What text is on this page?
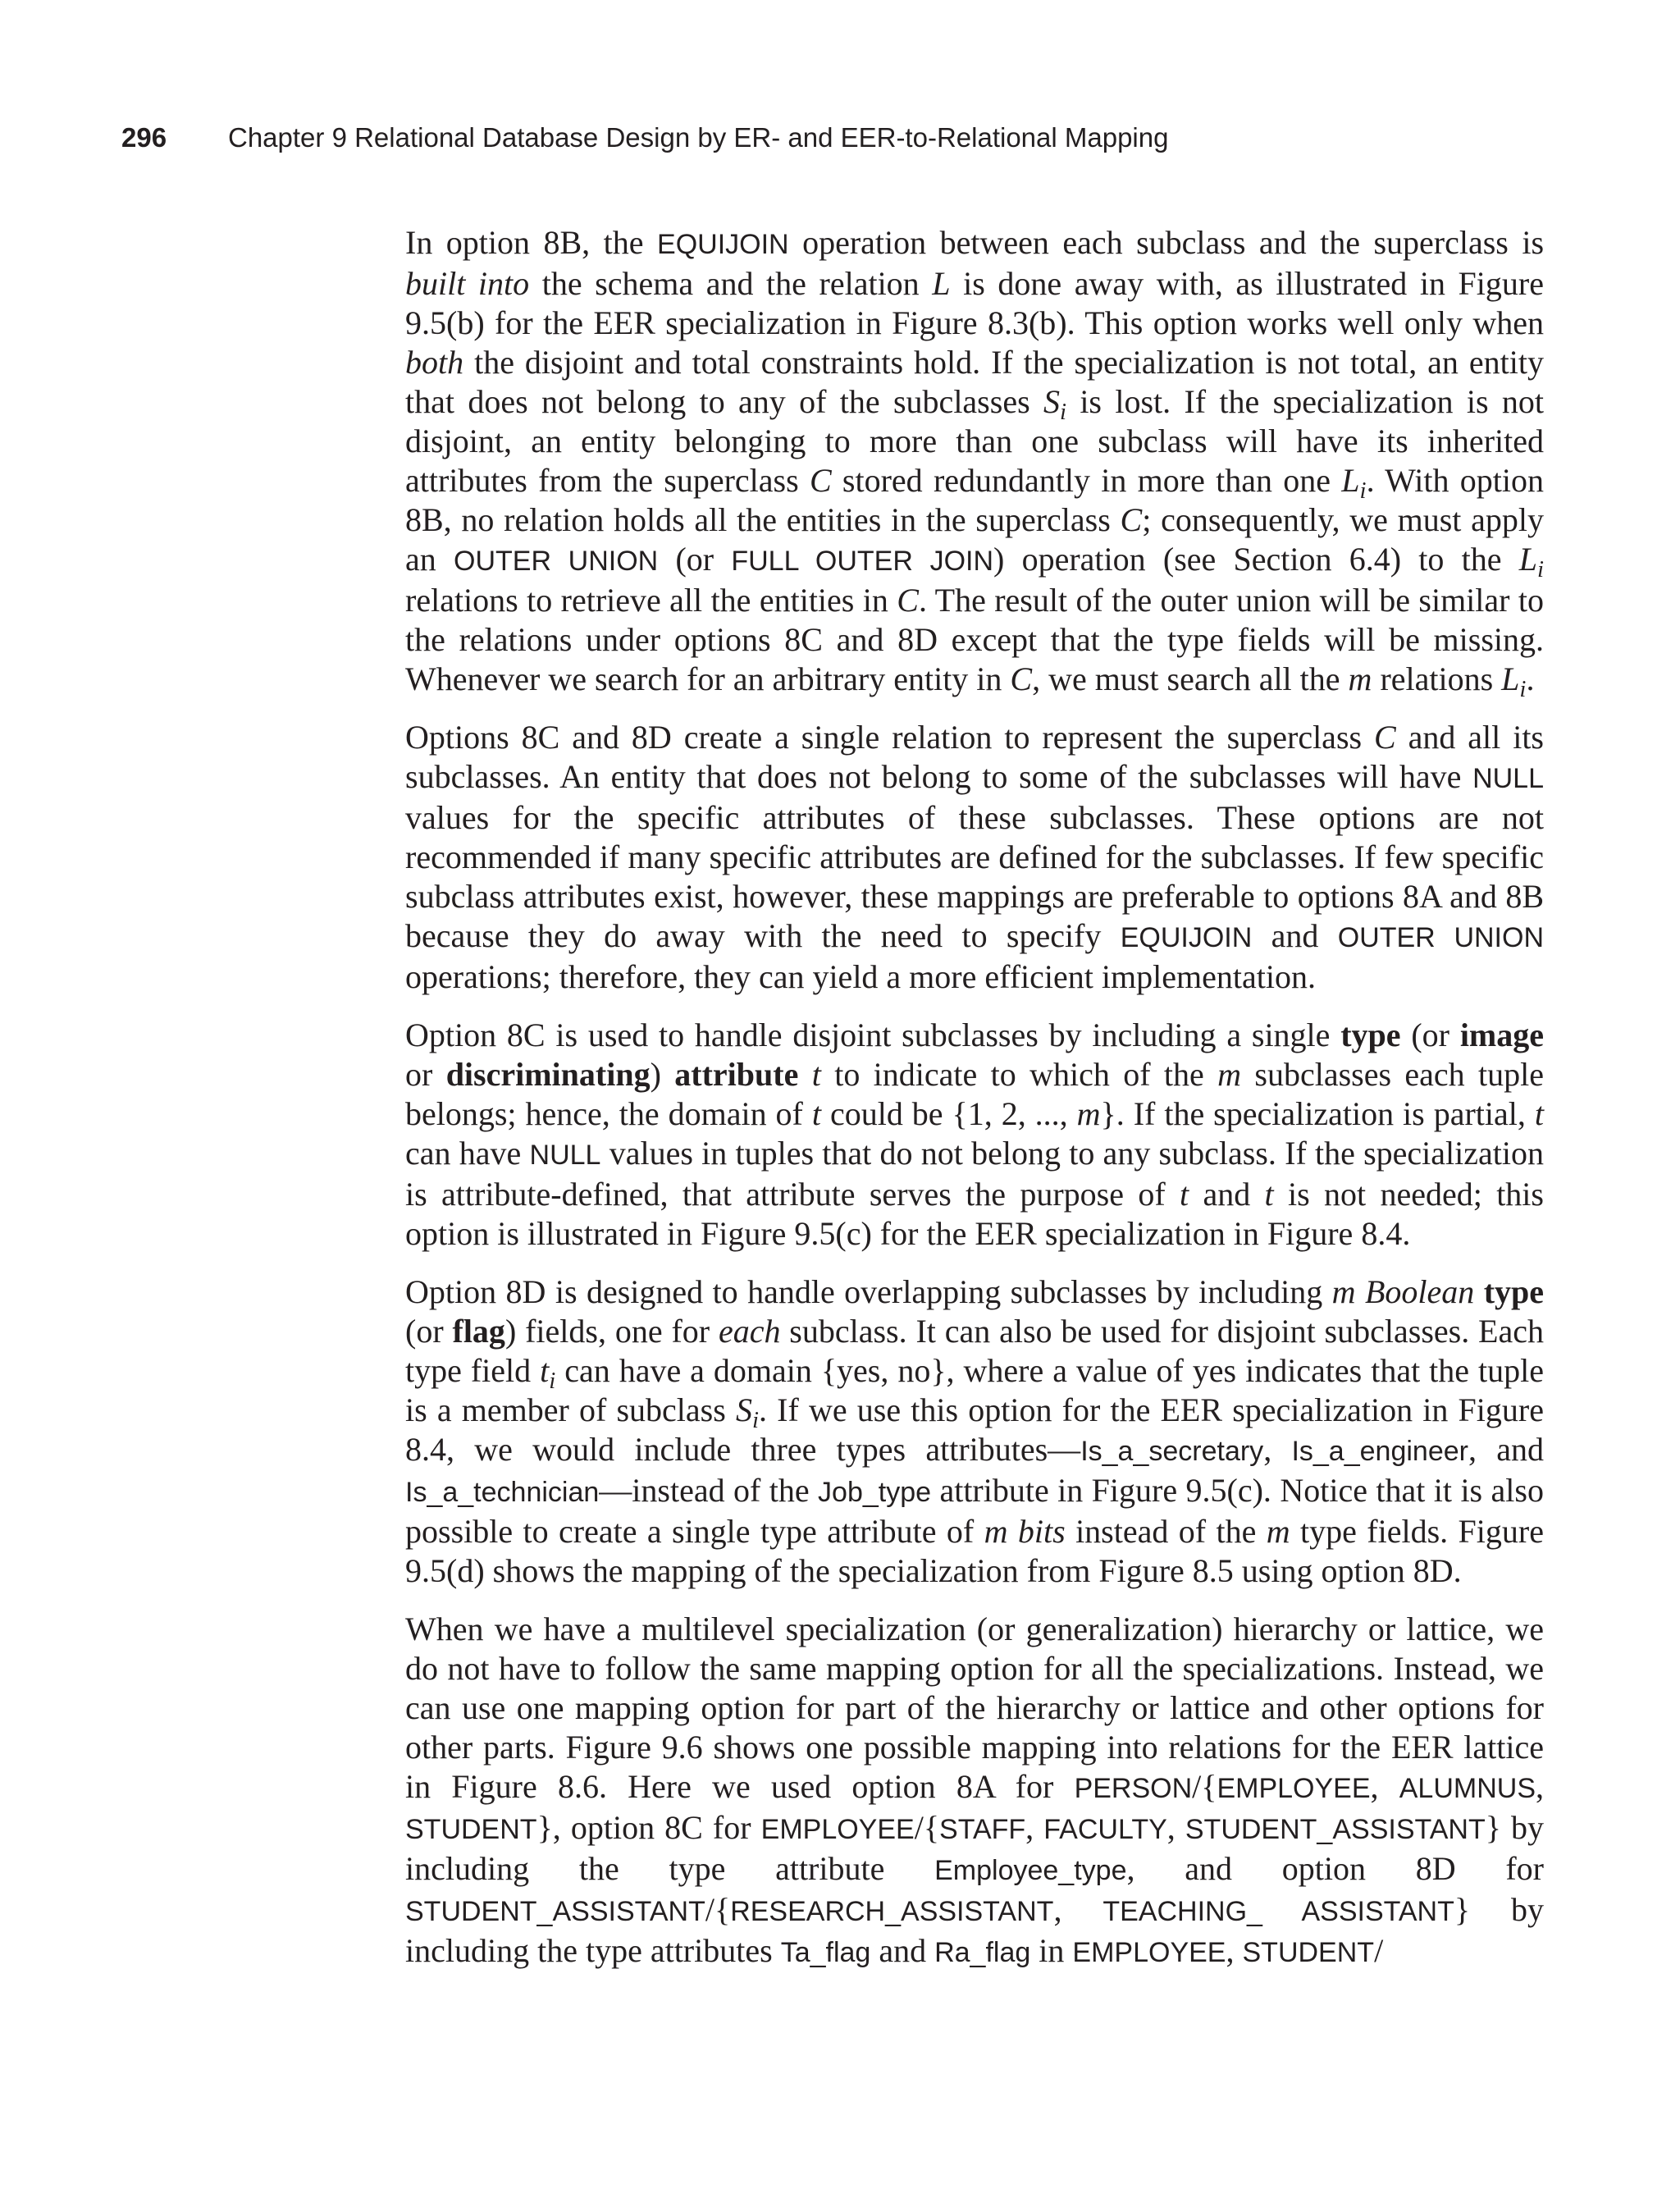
296 Chapter 9 Relational Database Design by ER- and EER-to-Relational Mapping

In option 8B, the EQUIJOIN operation between each subclass and the superclass is built into the schema and the relation L is done away with, as illustrated in Figure 9.5(b) for the EER specialization in Figure 8.3(b). This option works well only when both the disjoint and total constraints hold. If the specialization is not total, an entity that does not belong to any of the subclasses $S_i$ is lost. If the specialization is not disjoint, an entity belonging to more than one subclass will have its inherited attributes from the superclass C stored redundantly in more than one $L_i$. With option 8B, no relation holds all the entities in the superclass C; consequently, we must apply an OUTER UNION (or FULL OUTER JOIN) operation (see Section 6.4) to the $L_i$ relations to retrieve all the entities in C. The result of the outer union will be similar to the relations under options 8C and 8D except that the type fields will be missing. Whenever we search for an arbitrary entity in C, we must search all the m relations $L_i$.

Options 8C and 8D create a single relation to represent the superclass C and all its subclasses. An entity that does not belong to some of the subclasses will have NULL values for the specific attributes of these subclasses. These options are not recommended if many specific attributes are defined for the subclasses. If few specific subclass attributes exist, however, these mappings are preferable to options 8A and 8B because they do away with the need to specify EQUIJOIN and OUTER UNION operations; therefore, they can yield a more efficient implementation.

Option 8C is used to handle disjoint subclasses by including a single type (or image or discriminating) attribute t to indicate to which of the m subclasses each tuple belongs; hence, the domain of t could be {1, 2, ..., m}. If the specialization is partial, t can have NULL values in tuples that do not belong to any subclass. If the specialization is attribute-defined, that attribute serves the purpose of t and t is not needed; this option is illustrated in Figure 9.5(c) for the EER specialization in Figure 8.4.

Option 8D is designed to handle overlapping subclasses by including m Boolean type (or flag) fields, one for each subclass. It can also be used for disjoint subclasses. Each type field $t_i$ can have a domain {yes, no}, where a value of yes indicates that the tuple is a member of subclass $S_i$. If we use this option for the EER specialization in Figure 8.4, we would include three types attributes—Is_a_secretary, Is_a_engineer, and Is_a_technician—instead of the Job_type attribute in Figure 9.5(c). Notice that it is also possible to create a single type attribute of m bits instead of the m type fields. Figure 9.5(d) shows the mapping of the specialization from Figure 8.5 using option 8D.

When we have a multilevel specialization (or generalization) hierarchy or lattice, we do not have to follow the same mapping option for all the specializations. Instead, we can use one mapping option for part of the hierarchy or lattice and other options for other parts. Figure 9.6 shows one possible mapping into relations for the EER lattice in Figure 8.6. Here we used option 8A for PERSON/{EMPLOYEE, ALUMNUS, STUDENT}, option 8C for EMPLOYEE/{STAFF, FACULTY, STUDENT_ASSISTANT} by including the type attribute Employee_type, and option 8D for STUDENT_ASSISTANT/{RESEARCH_ASSISTANT, TEACHING_ ASSISTANT} by including the type attributes Ta_flag and Ra_flag in EMPLOYEE, STUDENT/
